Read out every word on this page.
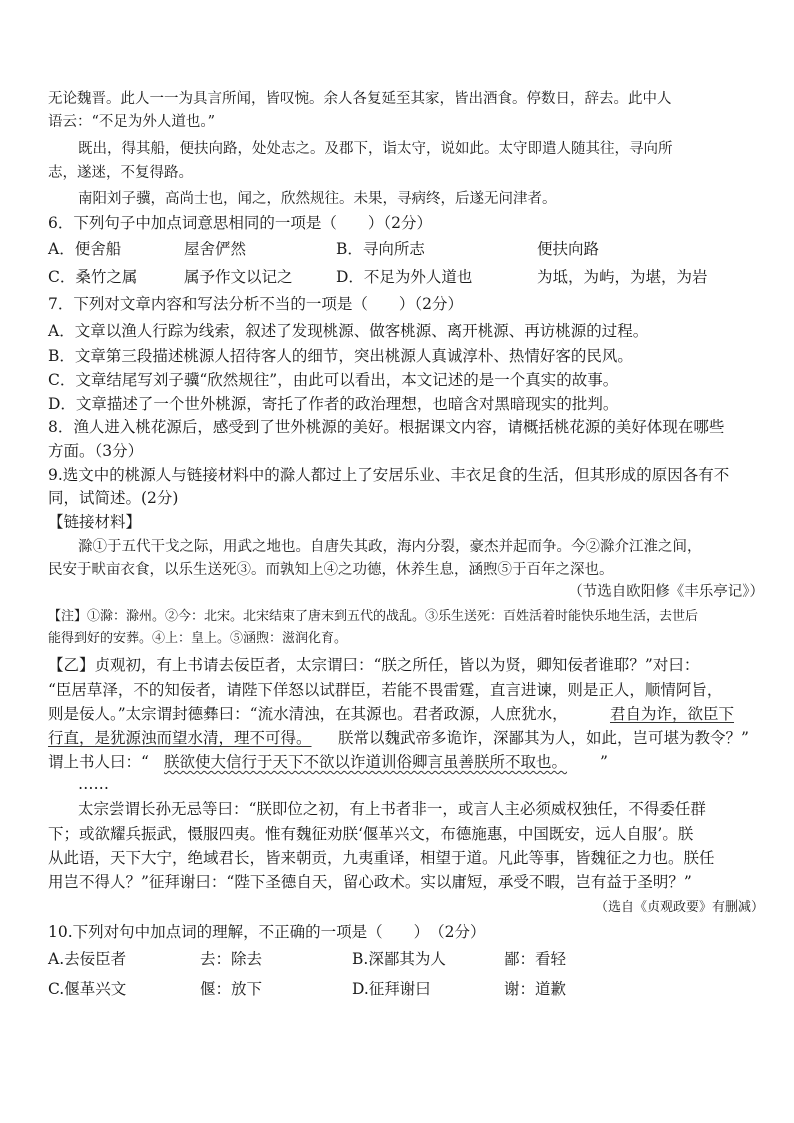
无论魏晋。此人一一为具言所闻，皆叹惋。余人各复延至其家，皆出酒食。停数日，辞去。此中人
语云：“不足为外人道也。”
既出，得其船，便扶向路，处处志之。及郡下，诣太守，说如此。太守即遣人随其往，寻向所
志，遂迷，不复得路。
南阳刘子骥，高尚士也，闻之，欣然规往。未果，寻病终，后遂无问津者。
6．下列句子中加点词意思相同的一项是（　　）（2分）
A．便舍船	屋舍俨然	B．寻向所志	便扶向路
C．桑竹之属	属予作文以记之	D．不足为外人道也	为坻，为屿，为堪，为岩
7．下列对文章内容和写法分析不当的一项是（　　）（2分）
A．文章以渔人行踪为线索，叙述了发现桃源、做客桃源、离开桃源、再访桃源的过程。
B．文章第三段描述桃源人招待客人的细节，突出桃源人真诚淳朴、热情好客的民风。
C．文章结尾写刘子骥“欣然规往”，由此可以看出，本文记述的是一个真实的故事。
D．文章描述了一个世外桃源，寄托了作者的政治理想，也暗含对黑暗现实的批判。
8．渔人进入桃花源后，感受到了世外桃源的美好。根据课文内容，请概括桃花源的美好体现在哪些
方面。（3分）
9.选文中的桃源人与链接材料中的滁人都过上了安居乐业、丰衣足食的生活，但其形成的原因各有不
同，试简述。(2分)
【链接材料】
滁①于五代干戈之际，用武之地也。自唐失其政，海内分裂，豪杰并起而争。今②滁介江淮之间，
民安于畎亩衣食，以乐生送死③。而孰知上④之功德，休养生息，涵煦⑤于百年之深也。
（节选自欧阳修《丰乐亭记》）
【注】①滁：滁州。②今：北宋。北宋结束了唐末到五代的战乱。③乐生送死：百姓活着时能快乐地生活，去世后
能得到好的安葬。④上：皇上。⑤涵煦：滋润化育。
【乙】贞观初，有上书请去佞臣者，太宗谓曰：“朕之所任，皆以为贤，卿知佞者谁耶？”对曰：
“臣居草泽，不的知佞者，请陛下佯怒以试群臣，若能不畏雷霆，直言进谏，则是正人，顺情阿旨，
则是佞人。”太宗谓封德彝曰：“流水清浊，在其源也。君者政源，人庶犹水，	君自为诈，欲臣下
行直，是犹源浊而望水清，理不可得。 朕常以魏武帝多诡诈，深鄙其为人，如此，岂可堪为教令？”
谓上书人曰：“ 朕欲使大信行于天下不欲以诈道训俗卿言虽善朕所不取也。 ”
……
太宗尝谓长孙无忌等曰：“朕即位之初，有上书者非一，或言人主必须威权独任，不得委任群
下；或欲耀兵振武，慑服四夷。惟有魏征劝朕‘偃革兴文，布德施惠，中国既安，远人自服’。朕
从此语，天下大宁，绝域君长，皆来朝贡，九夷重译，相望于道。凡此等事，皆魏征之力也。朕任
用岂不得人？”征拜谢曰：“陛下圣德自天，留心政术。实以庸短，承受不暇，岂有益于圣明？”
（选自《贞观政要》有删减）
10.下列对句中加点词的理解，不正确的一项是（　　）　（2分）
A.去佞臣者	去：除去	B.深鄙其为人	鄙：看轻
C.偃革兴文	偃：放下	D.征拜谢曰	谢：道歉
